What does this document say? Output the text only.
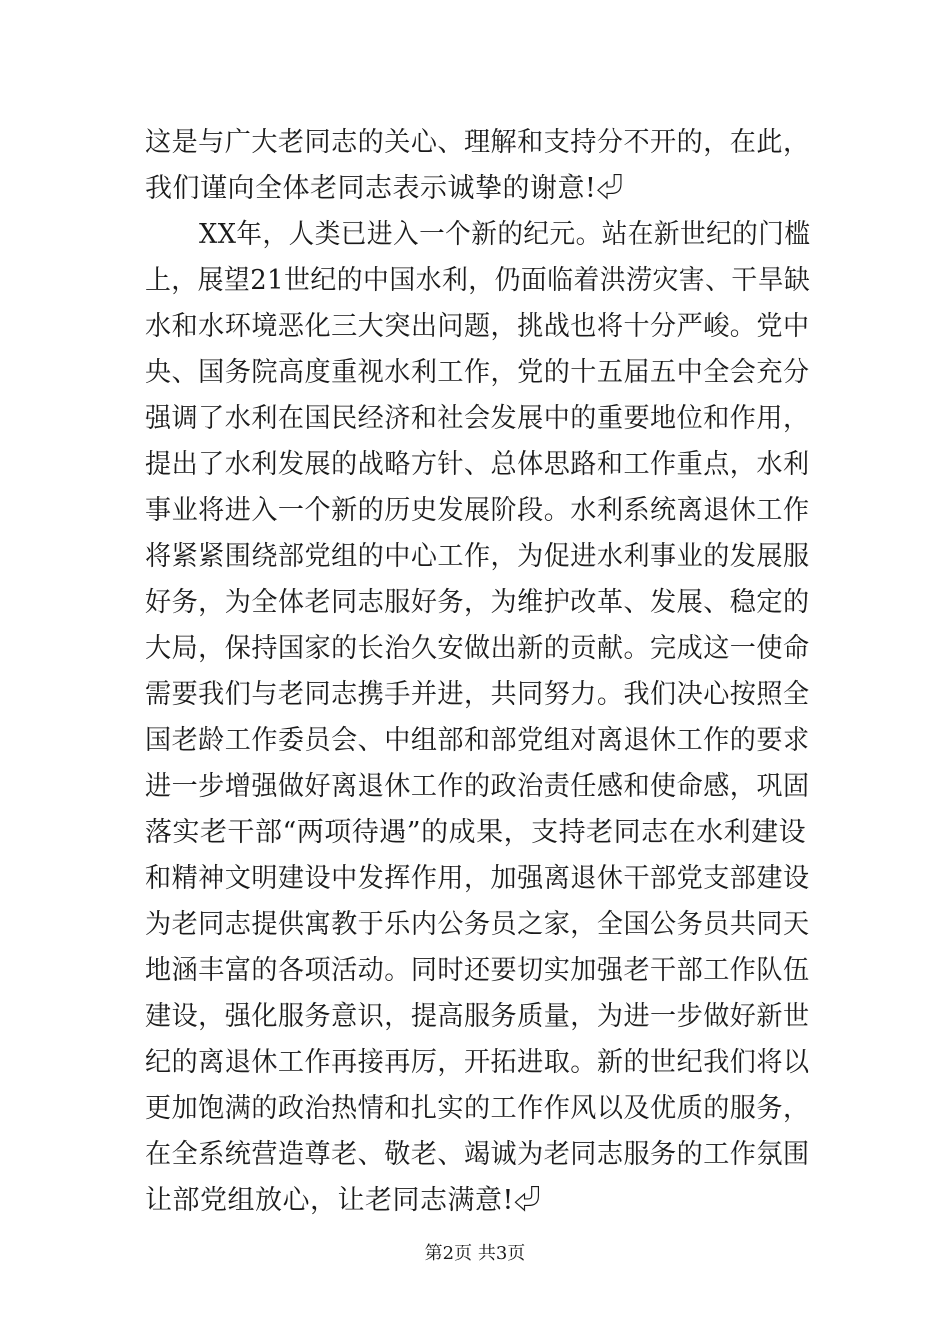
这是与广大老同志的关心、理解和支持分不开的，在此，
我们谨向全体老同志表示诚挚的谢意!⏎
XX年，人类已进入一个新的纪元。站在新世纪的门槛
上，展望21世纪的中国水利，仍面临着洪涝灾害、干旱缺
水和水环境恶化三大突出问题，挑战也将十分严峻。党中
央、国务院高度重视水利工作，党的十五届五中全会充分
强调了水利在国民经济和社会发展中的重要地位和作用，
提出了水利发展的战略方针、总体思路和工作重点，水利
事业将进入一个新的历史发展阶段。水利系统离退休工作
将紧紧围绕部党组的中心工作，为促进水利事业的发展服
好务，为全体老同志服好务，为维护改革、发展、稳定的
大局，保持国家的长治久安做出新的贡献。完成这一使命
需要我们与老同志携手并进，共同努力。我们决心按照全
国老龄工作委员会、中组部和部党组对离退休工作的要求
进一步增强做好离退休工作的政治责任感和使命感，巩固
落实老干部“两项待遇”的成果，支持老同志在水利建设
和精神文明建设中发挥作用，加强离退休干部党支部建设
为老同志提供寓教于乐内公务员之家，全国公务员共同天
地涵丰富的各项活动。同时还要切实加强老干部工作队伍
建设，强化服务意识，提高服务质量，为进一步做好新世
纪的离退休工作再接再厉，开拓进取。新的世纪我们将以
更加饱满的政治热情和扎实的工作作风以及优质的服务，
在全系统营造尊老、敬老、竭诚为老同志服务的工作氛围
让部党组放心，让老同志满意!⏎
第2页 共3页
